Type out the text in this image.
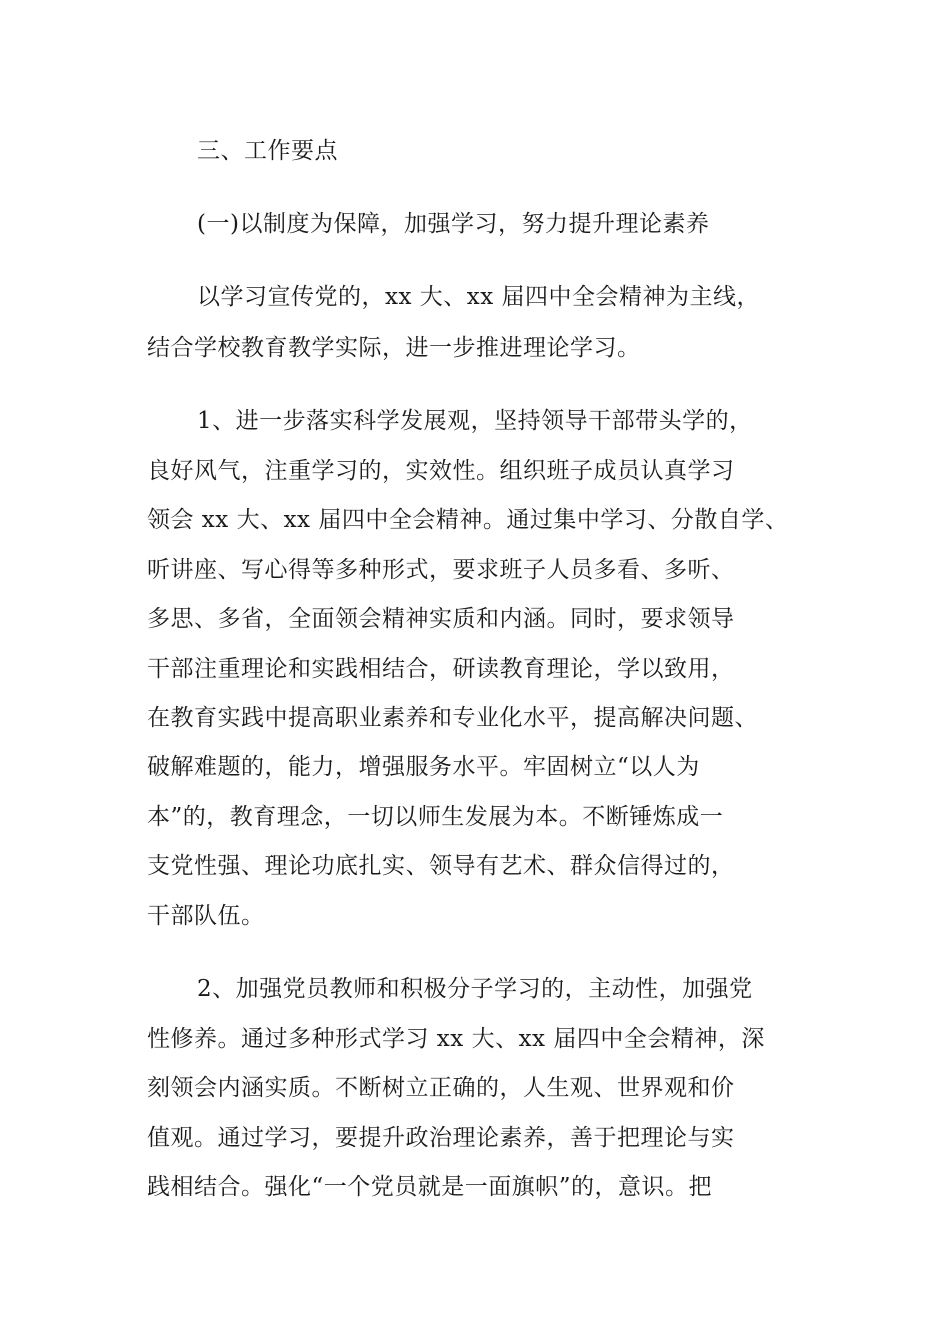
三、工作要点
(一)以制度为保障，加强学习，努力提升理论素养
以学习宣传党的，xx 大、xx 届四中全会精神为主线，
结合学校教育教学实际，进一步推进理论学习。
1、进一步落实科学发展观，坚持领导干部带头学的，
良好风气，注重学习的，实效性。组织班子成员认真学习
领会 xx 大、xx 届四中全会精神。通过集中学习、分散自学、
听讲座、写心得等多种形式，要求班子人员多看、多听、
多思、多省，全面领会精神实质和内涵。同时，要求领导
干部注重理论和实践相结合，研读教育理论，学以致用，
在教育实践中提高职业素养和专业化水平，提高解决问题、
破解难题的，能力，增强服务水平。牢固树立“以人为
本”的，教育理念，一切以师生发展为本。不断锤炼成一
支党性强、理论功底扎实、领导有艺术、群众信得过的，
干部队伍。
2、加强党员教师和积极分子学习的，主动性，加强党
性修养。通过多种形式学习 xx 大、xx 届四中全会精神，深
刻领会内涵实质。不断树立正确的，人生观、世界观和价
值观。通过学习，要提升政治理论素养，善于把理论与实
践相结合。强化“一个党员就是一面旗帜”的，意识。把
